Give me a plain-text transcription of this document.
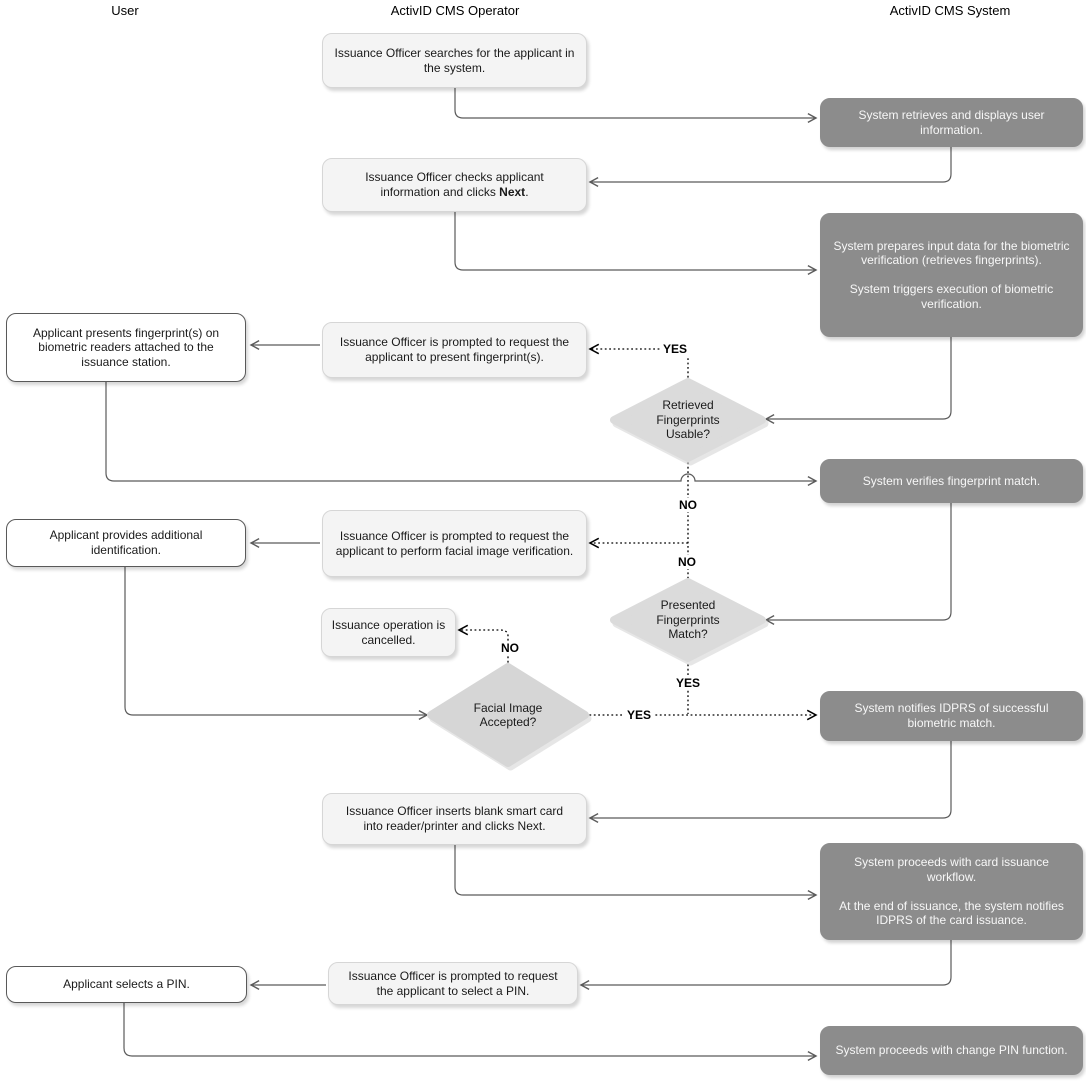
User	ActivID CMS Operator	ActivID CMS System
Applicant presents fingerprint(s) on biometric readers attached to the issuance station.
Applicant provides additional identification.
Applicant selects a PIN.
Issuance Officer searches for the applicant in the system.
Issuance Officer checks applicant information and clicks Next.
Issuance Officer is prompted to request the applicant to present fingerprint(s).
Issuance Officer is prompted to request the applicant to perform facial image verification.
Issuance operation is cancelled.
Issuance Officer inserts blank smart card into reader/printer and clicks Next.
Issuance Officer is prompted to request the applicant to select a PIN.
System retrieves and displays user information.

System prepares input data for the biometric verification (retrieves fingerprints).

System triggers execution of biometric verification.

System verifies fingerprint match.
System notifies IDPRS of successful biometric match.

System proceeds with card issuance workflow.

At the end of issuance, the system notifies IDPRS of the card issuance.

System proceeds with change PIN function.
Retrieved Fingerprints Usable?
Presented Fingerprints Match?
Facial Image Accepted?
YES
NO
NO
YES
NO
YES
